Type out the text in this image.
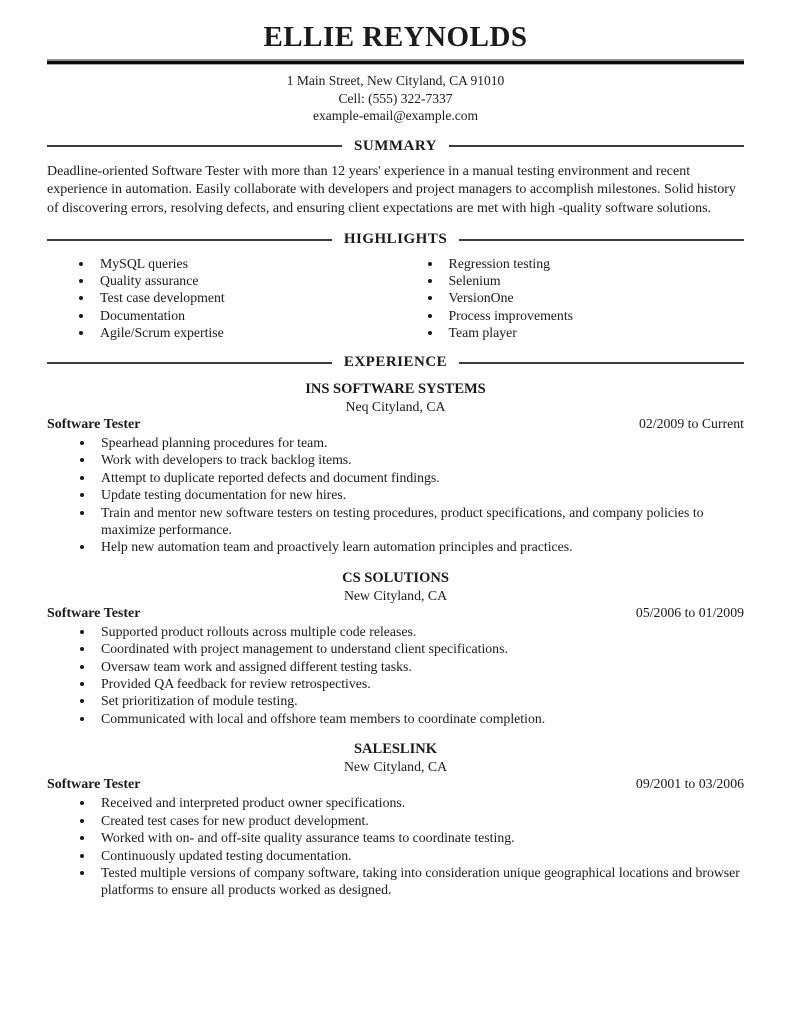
ELLIE REYNOLDS
1 Main Street, New Cityland, CA 91010
Cell: (555) 322-7337
example-email@example.com
SUMMARY
Deadline-oriented Software Tester with more than 12 years' experience in a manual testing environment and recent experience in automation. Easily collaborate with developers and project managers to accomplish milestones. Solid history of discovering errors, resolving defects, and ensuring client expectations are met with high -quality software solutions.
HIGHLIGHTS
• MySQL queries
• Quality assurance
• Test case development
• Documentation
• Agile/Scrum expertise
• Regression testing
• Selenium
• VersionOne
• Process improvements
• Team player
EXPERIENCE
INS SOFTWARE SYSTEMS
Neq Cityland, CA
Software Tester	02/2009 to Current
• Spearhead planning procedures for team.
• Work with developers to track backlog items.
• Attempt to duplicate reported defects and document findings.
• Update testing documentation for new hires.
• Train and mentor new software testers on testing procedures, product specifications, and company policies to maximize performance.
• Help new automation team and proactively learn automation principles and practices.
CS SOLUTIONS
New Cityland, CA
Software Tester	05/2006 to 01/2009
• Supported product rollouts across multiple code releases.
• Coordinated with project management to understand client specifications.
• Oversaw team work and assigned different testing tasks.
• Provided QA feedback for review retrospectives.
• Set prioritization of module testing.
• Communicated with local and offshore team members to coordinate completion.
SALESLINK
New Cityland, CA
Software Tester	09/2001 to 03/2006
• Received and interpreted product owner specifications.
• Created test cases for new product development.
• Worked with on- and off-site quality assurance teams to coordinate testing.
• Continuously updated testing documentation.
• Tested multiple versions of company software, taking into consideration unique geographical locations and browser platforms to ensure all products worked as designed.
